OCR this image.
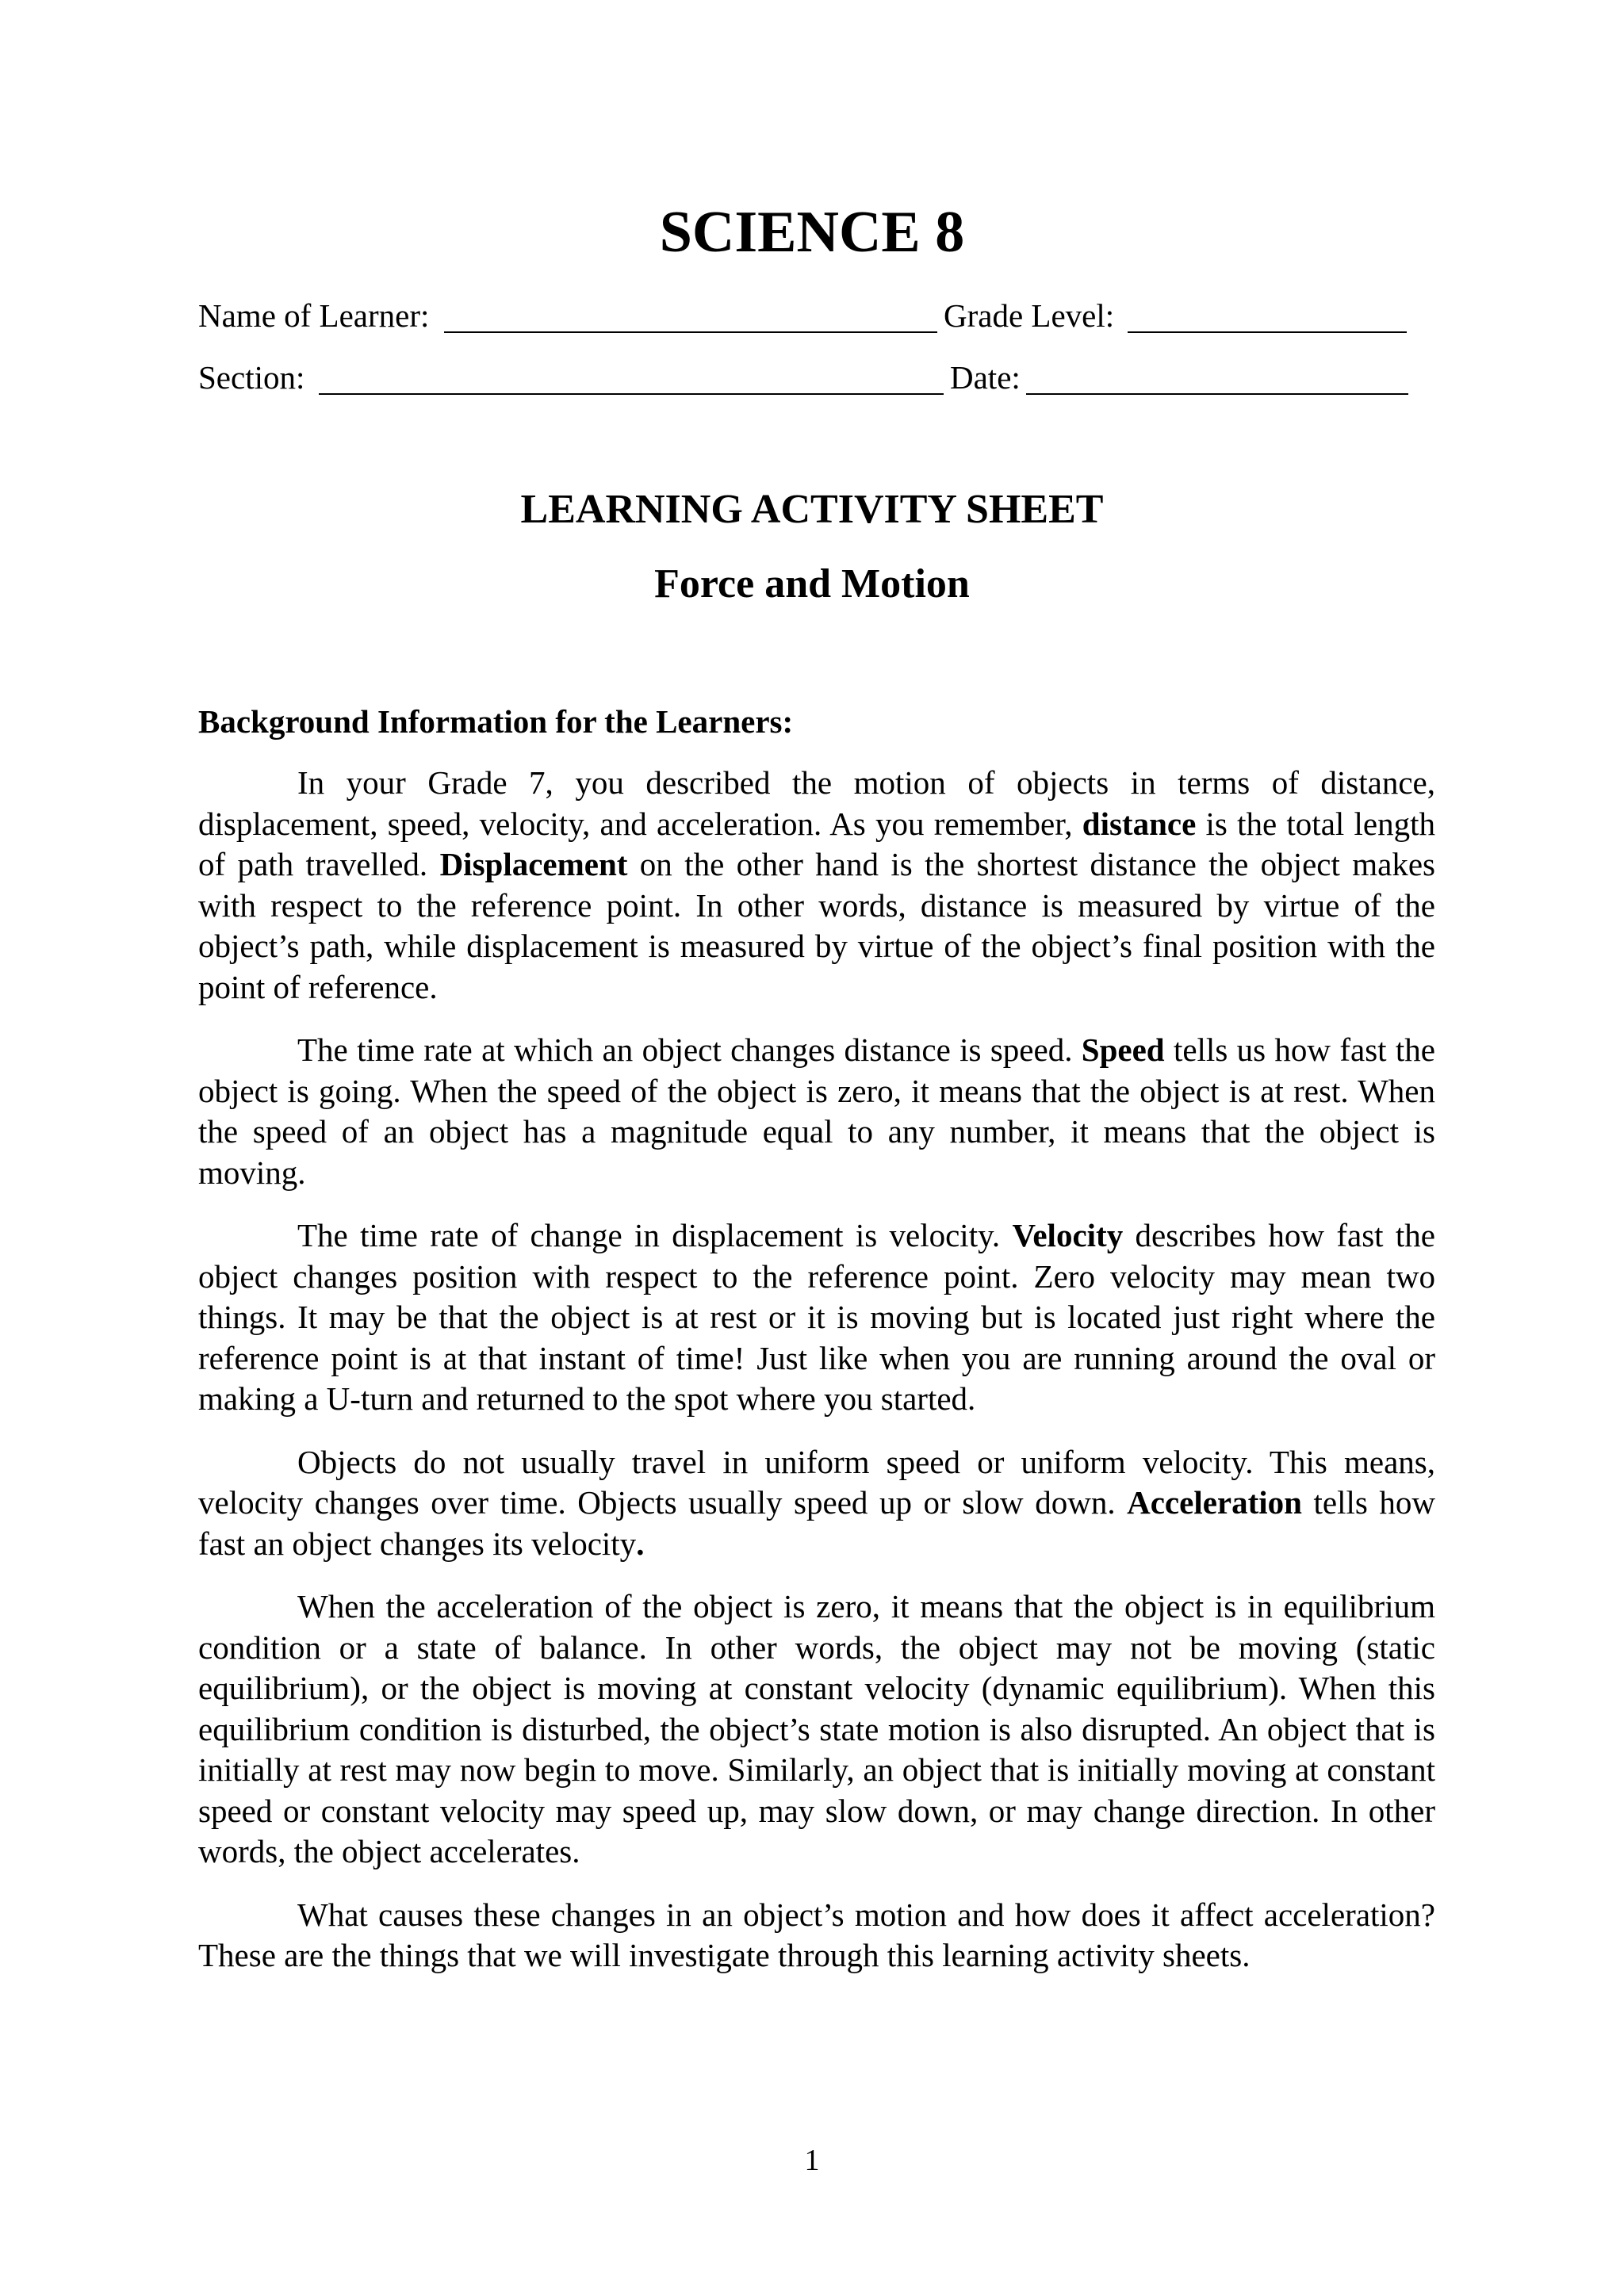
SCIENCE 8
Name of Learner:	Grade Level:
Section:	Date:
LEARNING ACTIVITY SHEET
Force and Motion
Background Information for the Learners:

In your Grade 7, you described the motion of objects in terms of distance, displacement, speed, velocity, and acceleration. As you remember, distance is the total length of path travelled. Displacement on the other hand is the shortest distance the object makes with respect to the reference point. In other words, distance is measured by virtue of the object’s path, while displacement is measured by virtue of the object’s final position with the point of reference.

The time rate at which an object changes distance is speed. Speed tells us how fast the object is going. When the speed of the object is zero, it means that the object is at rest. When the speed of an object has a magnitude equal to any number, it means that the object is moving.

The time rate of change in displacement is velocity. Velocity describes how fast the object changes position with respect to the reference point. Zero velocity may mean two things. It may be that the object is at rest or it is moving but is located just right where the reference point is at that instant of time! Just like when you are running around the oval or making a U-turn and returned to the spot where you started.

Objects do not usually travel in uniform speed or uniform velocity. This means, velocity changes over time. Objects usually speed up or slow down. Acceleration tells how fast an object changes its velocity.

When the acceleration of the object is zero, it means that the object is in equilibrium condition or a state of balance. In other words, the object may not be moving (static equilibrium), or the object is moving at constant velocity (dynamic equilibrium). When this equilibrium condition is disturbed, the object’s state motion is also disrupted. An object that is initially at rest may now begin to move. Similarly, an object that is initially moving at constant speed or constant velocity may speed up, may slow down, or may change direction. In other words, the object accelerates.

What causes these changes in an object’s motion and how does it affect acceleration? These are the things that we will investigate through this learning activity sheets.

1
